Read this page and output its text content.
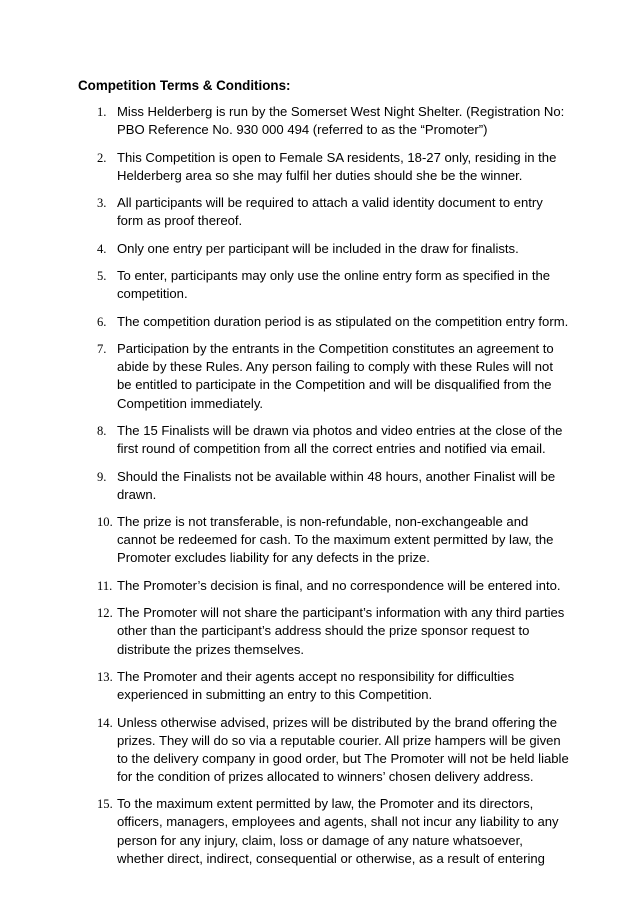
Competition Terms & Conditions:
1. Miss Helderberg is run by the Somerset West Night Shelter. (Registration No:
PBO Reference No. 930 000 494 (referred to as the “Promoter”)
2. This Competition is open to Female SA residents, 18-27 only, residing in the
Helderberg area so she may fulfil her duties should she be the winner.
3. All participants will be required to attach a valid identity document to entry
form as proof thereof.
4. Only one entry per participant will be included in the draw for finalists.
5. To enter, participants may only use the online entry form as specified in the
competition.
6. The competition duration period is as stipulated on the competition entry form.
7. Participation by the entrants in the Competition constitutes an agreement to
abide by these Rules. Any person failing to comply with these Rules will not
be entitled to participate in the Competition and will be disqualified from the
Competition immediately.
8. The 15 Finalists will be drawn via photos and video entries at the close of the
first round of competition from all the correct entries and notified via email.
9. Should the Finalists not be available within 48 hours, another Finalist will be
drawn.
10. The prize is not transferable, is non-refundable, non-exchangeable and
cannot be redeemed for cash. To the maximum extent permitted by law, the
Promoter excludes liability for any defects in the prize.
11. The Promoter’s decision is final, and no correspondence will be entered into.
12. The Promoter will not share the participant’s information with any third parties
other than the participant’s address should the prize sponsor request to
distribute the prizes themselves.
13. The Promoter and their agents accept no responsibility for difficulties
experienced in submitting an entry to this Competition.
14. Unless otherwise advised, prizes will be distributed by the brand offering the
prizes. They will do so via a reputable courier. All prize hampers will be given
to the delivery company in good order, but The Promoter will not be held liable
for the condition of prizes allocated to winners’ chosen delivery address.
15. To the maximum extent permitted by law, the Promoter and its directors,
officers, managers, employees and agents, shall not incur any liability to any
person for any injury, claim, loss or damage of any nature whatsoever,
whether direct, indirect, consequential or otherwise, as a result of entering
